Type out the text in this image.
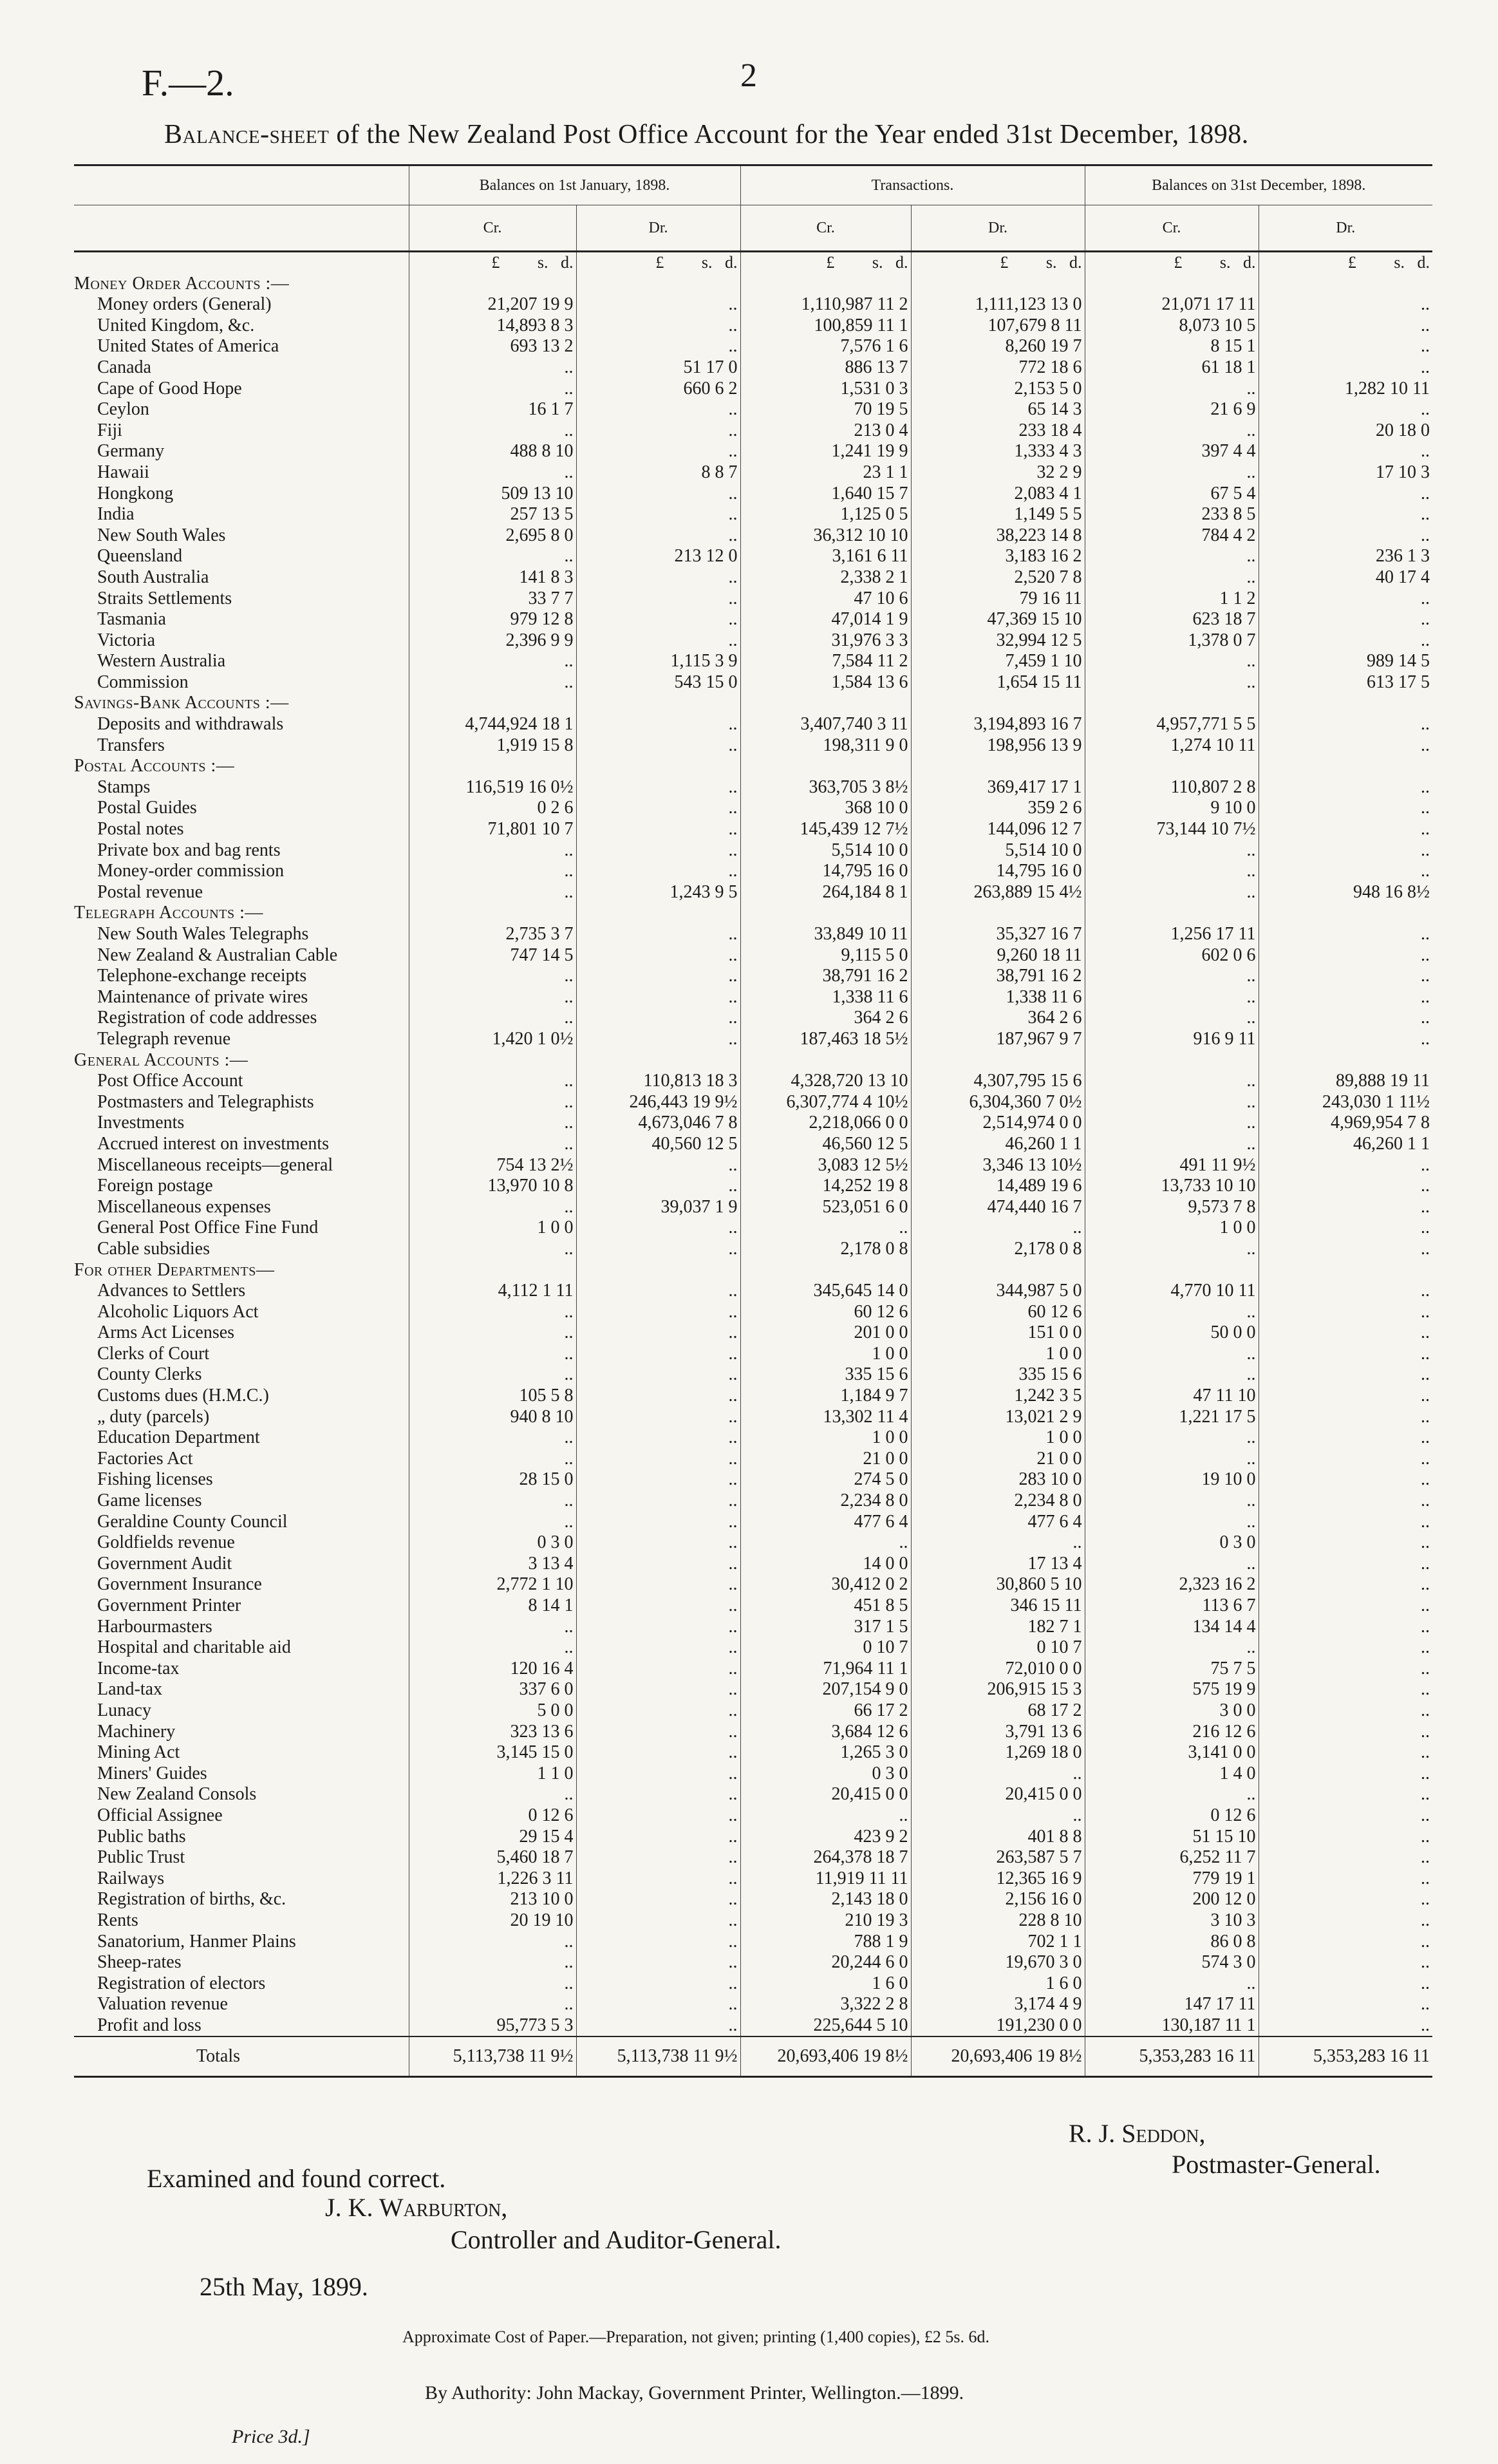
F.—2.	2
Balance-sheet of the New Zealand Post Office Account for the Year ended 31st December, 1898.
	Balances on 1st January, 1898.		Transactions.		Balances on 31st December, 1898.	
	Cr.	Dr.	Cr.	Dr.	Cr.	Dr.
	£   s.  d.	£   s.  d.	£   s.  d.	£   s.  d.	£   s.  d.	£   s.  d.
Money Order Accounts :—						
Money orders (General)	21,207 19 9	..	1,110,987 11 2	1,111,123 13 0	21,071 17 11	..
United Kingdom, &c.	14,893 8 3	..	100,859 11 1	107,679 8 11	8,073 10 5	..
United States of America	693 13 2	..	7,576 1 6	8,260 19 7	8 15 1	..
Canada	..	51 17 0	886 13 7	772 18 6	61 18 1	..
Cape of Good Hope	..	660 6 2	1,531 0 3	2,153 5 0	..	1,282 10 11
Ceylon	16 1 7	..	70 19 5	65 14 3	21 6 9	..
Fiji	..	..	213 0 4	233 18 4	..	20 18 0
Germany	488 8 10	..	1,241 19 9	1,333 4 3	397 4 4	..
Hawaii	..	8 8 7	23 1 1	32 2 9	..	17 10 3
Hongkong	509 13 10	..	1,640 15 7	2,083 4 1	67 5 4	..
India	257 13 5	..	1,125 0 5	1,149 5 5	233 8 5	..
New South Wales	2,695 8 0	..	36,312 10 10	38,223 14 8	784 4 2	..
Queensland	..	213 12 0	3,161 6 11	3,183 16 2	..	236 1 3
South Australia	141 8 3	..	2,338 2 1	2,520 7 8	..	40 17 4
Straits Settlements	33 7 7	..	47 10 6	79 16 11	1 1 2	..
Tasmania	979 12 8	..	47,014 1 9	47,369 15 10	623 18 7	..
Victoria	2,396 9 9	..	31,976 3 3	32,994 12 5	1,378 0 7	..
Western Australia	..	1,115 3 9	7,584 11 2	7,459 1 10	..	989 14 5
Commission	..	543 15 0	1,584 13 6	1,654 15 11	..	613 17 5
Savings-Bank Accounts :—						
Deposits and withdrawals	4,744,924 18 1	..	3,407,740 3 11	3,194,893 16 7	4,957,771 5 5	..
Transfers	1,919 15 8	..	198,311 9 0	198,956 13 9	1,274 10 11	..
Postal Accounts :—						
Stamps	116,519 16 0½	..	363,705 3 8½	369,417 17 1	110,807 2 8	..
Postal Guides	0 2 6	..	368 10 0	359 2 6	9 10 0	..
Postal notes	71,801 10 7	..	145,439 12 7½	144,096 12 7	73,144 10 7½	..
Private box and bag rents	..	..	5,514 10 0	5,514 10 0	..	..
Money-order commission	..	..	14,795 16 0	14,795 16 0	..	..
Postal revenue	..	1,243 9 5	264,184 8 1	263,889 15 4½	..	948 16 8½
Telegraph Accounts :—						
New South Wales Telegraphs	2,735 3 7	..	33,849 10 11	35,327 16 7	1,256 17 11	..
New Zealand & Australian Cable	747 14 5	..	9,115 5 0	9,260 18 11	602 0 6	..
Telephone-exchange receipts	..	..	38,791 16 2	38,791 16 2	..	..
Maintenance of private wires	..	..	1,338 11 6	1,338 11 6	..	..
Registration of code addresses	..	..	364 2 6	364 2 6	..	..
Telegraph revenue	1,420 1 0½	..	187,463 18 5½	187,967 9 7	916 9 11	..
General Accounts :—						
Post Office Account	..	110,813 18 3	4,328,720 13 10	4,307,795 15 6	..	89,888 19 11
Postmasters and Telegraphists	..	246,443 19 9½	6,307,774 4 10½	6,304,360 7 0½	..	243,030 1 11½
Investments	..	4,673,046 7 8	2,218,066 0 0	2,514,974 0 0	..	4,969,954 7 8
Accrued interest on investments	..	40,560 12 5	46,560 12 5	46,260 1 1	..	46,260 1 1
Miscellaneous receipts—general	754 13 2½	..	3,083 12 5½	3,346 13 10½	491 11 9½	..
Foreign postage	13,970 10 8	..	14,252 19 8	14,489 19 6	13,733 10 10	..
Miscellaneous expenses	..	39,037 1 9	523,051 6 0	474,440 16 7	9,573 7 8	..
General Post Office Fine Fund	1 0 0	..	..	..	1 0 0	..
Cable subsidies	..	..	2,178 0 8	2,178 0 8	..	..
For other Departments—						
Advances to Settlers	4,112 1 11	..	345,645 14 0	344,987 5 0	4,770 10 11	..
Alcoholic Liquors Act	..	..	60 12 6	60 12 6	..	..
Arms Act Licenses	..	..	201 0 0	151 0 0	50 0 0	..
Clerks of Court	..	..	1 0 0	1 0 0	..	..
County Clerks	..	..	335 15 6	335 15 6	..	..
Customs dues (H.M.C.)	105 5 8	..	1,184 9 7	1,242 3 5	47 11 10	..
„ duty (parcels)	940 8 10	..	13,302 11 4	13,021 2 9	1,221 17 5	..
Education Department	..	..	1 0 0	1 0 0	..	..
Factories Act	..	..	21 0 0	21 0 0	..	..
Fishing licenses	28 15 0	..	274 5 0	283 10 0	19 10 0	..
Game licenses	..	..	2,234 8 0	2,234 8 0	..	..
Geraldine County Council	..	..	477 6 4	477 6 4	..	..
Goldfields revenue	0 3 0	..	..	..	0 3 0	..
Government Audit	3 13 4	..	14 0 0	17 13 4	..	..
Government Insurance	2,772 1 10	..	30,412 0 2	30,860 5 10	2,323 16 2	..
Government Printer	8 14 1	..	451 8 5	346 15 11	113 6 7	..
Harbourmasters	..	..	317 1 5	182 7 1	134 14 4	..
Hospital and charitable aid	..	..	0 10 7	0 10 7	..	..
Income-tax	120 16 4	..	71,964 11 1	72,010 0 0	75 7 5	..
Land-tax	337 6 0	..	207,154 9 0	206,915 15 3	575 19 9	..
Lunacy	5 0 0	..	66 17 2	68 17 2	3 0 0	..
Machinery	323 13 6	..	3,684 12 6	3,791 13 6	216 12 6	..
Mining Act	3,145 15 0	..	1,265 3 0	1,269 18 0	3,141 0 0	..
Miners' Guides	1 1 0	..	0 3 0	..	1 4 0	..
New Zealand Consols	..	..	20,415 0 0	20,415 0 0	..	..
Official Assignee	0 12 6	..	..	..	0 12 6	..
Public baths	29 15 4	..	423 9 2	401 8 8	51 15 10	..
Public Trust	5,460 18 7	..	264,378 18 7	263,587 5 7	6,252 11 7	..
Railways	1,226 3 11	..	11,919 11 11	12,365 16 9	779 19 1	..
Registration of births, &c.	213 10 0	..	2,143 18 0	2,156 16 0	200 12 0	..
Rents	20 19 10	..	210 19 3	228 8 10	3 10 3	..
Sanatorium, Hanmer Plains	..	..	788 1 9	702 1 1	86 0 8	..
Sheep-rates	..	..	20,244 6 0	19,670 3 0	574 3 0	..
Registration of electors	..	..	1 6 0	1 6 0	..	..
Valuation revenue	..	..	3,322 2 8	3,174 4 9	147 17 11	..
Profit and loss	95,773 5 3	..	225,644 5 10	191,230 0 0	130,187 11 1	..
Totals	5,113,738 11 9½	5,113,738 11 9½	20,693,406 19 8½	20,693,406 19 8½	5,353,283 16 11	5,353,283 16 11
R. J. Seddon,
Postmaster-General.
Examined and found correct.
J. K. Warburton,
Controller and Auditor-General.
25th May, 1899.
Approximate Cost of Paper.—Preparation, not given; printing (1,400 copies), £2 5s. 6d.
By Authority: John Mackay, Government Printer, Wellington.—1899.
Price 3d.]
